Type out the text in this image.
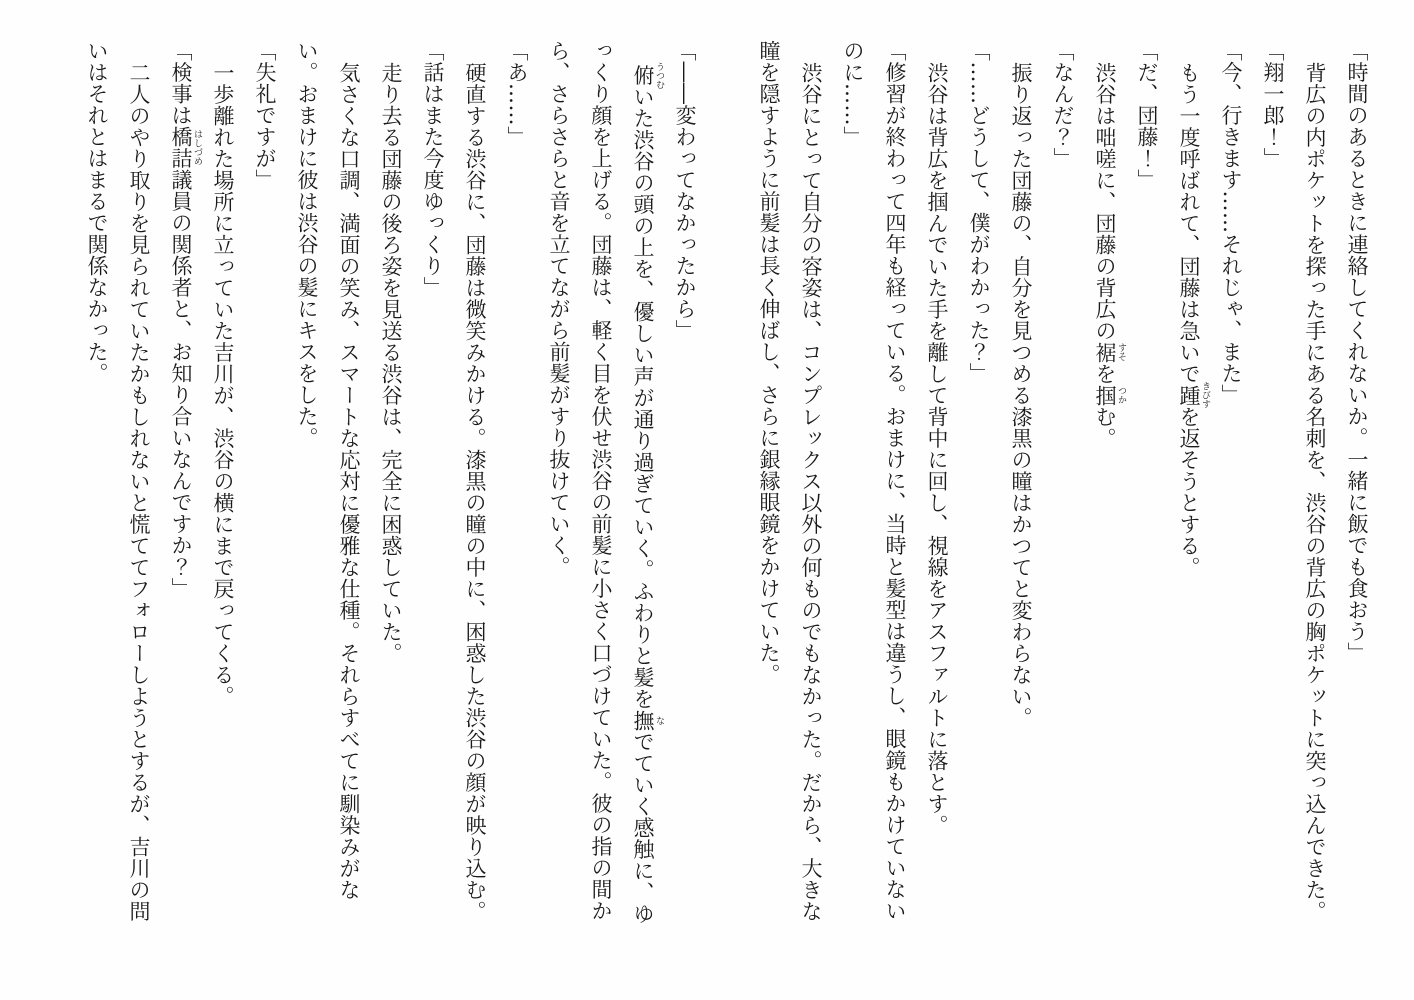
「時間のあるときに連絡してくれないか。一緒に飯でも食おう」

背広の内ポケットを探った手にある名刺を、渋谷の背広の胸ポケットに突っ込んできた。

「翔一郎！」

「今、行きます……それじゃ、また」

もう一度呼ばれて、団藤は急いで踵 きびすを返そうとする。

「だ、団藤！」

渋谷は咄嗟に、団藤の背広の裾 すそを掴 つかむ。

「なんだ？」

振り返った団藤の、自分を見つめる漆黒の瞳はかつてと変わらない。

「……どうして、僕がわかった？」

渋谷は背広を掴んでいた手を離して背中に回し、視線をアスファルトに落とす。

「修習が終わって四年も経っている。おまけに、当時と髪型は違うし、眼鏡もかけていないのに……」

渋谷にとって自分の容姿は、コンプレックス以外の何ものでもなかった。だから、大きな瞳を隠すように前髪は長く伸ばし、さらに銀縁眼鏡をかけていた。

「――変わってなかったから」

俯 うつむいた渋谷の頭の上を、優しい声が通り過ぎていく。ふわりと髪を撫 なでていく感触に、ゆっくり顔を上げる。団藤は、軽く目を伏せ渋谷の前髪に小さく口づけていた。彼の指の間から、さらさらと音を立てながら前髪がすり抜けていく。

「あ……」

硬直する渋谷に、団藤は微笑みかける。漆黒の瞳の中に、困惑した渋谷の顔が映り込む。

「話はまた今度ゆっくり」

走り去る団藤の後ろ姿を見送る渋谷は、完全に困惑していた。

気さくな口調、満面の笑み、スマートな応対に優雅な仕種。それらすべてに馴染みがない。おまけに彼は渋谷の髪にキスをした。

「失礼ですが」

一歩離れた場所に立っていた吉川が、渋谷の横にまで戻ってくる。

「検事は橋詰 はしづめ議員の関係者と、お知り合いなんですか？」

二人のやり取りを見られていたかもしれないと慌ててフォローしようとするが、吉川の問いはそれとはまるで関係なかった。
